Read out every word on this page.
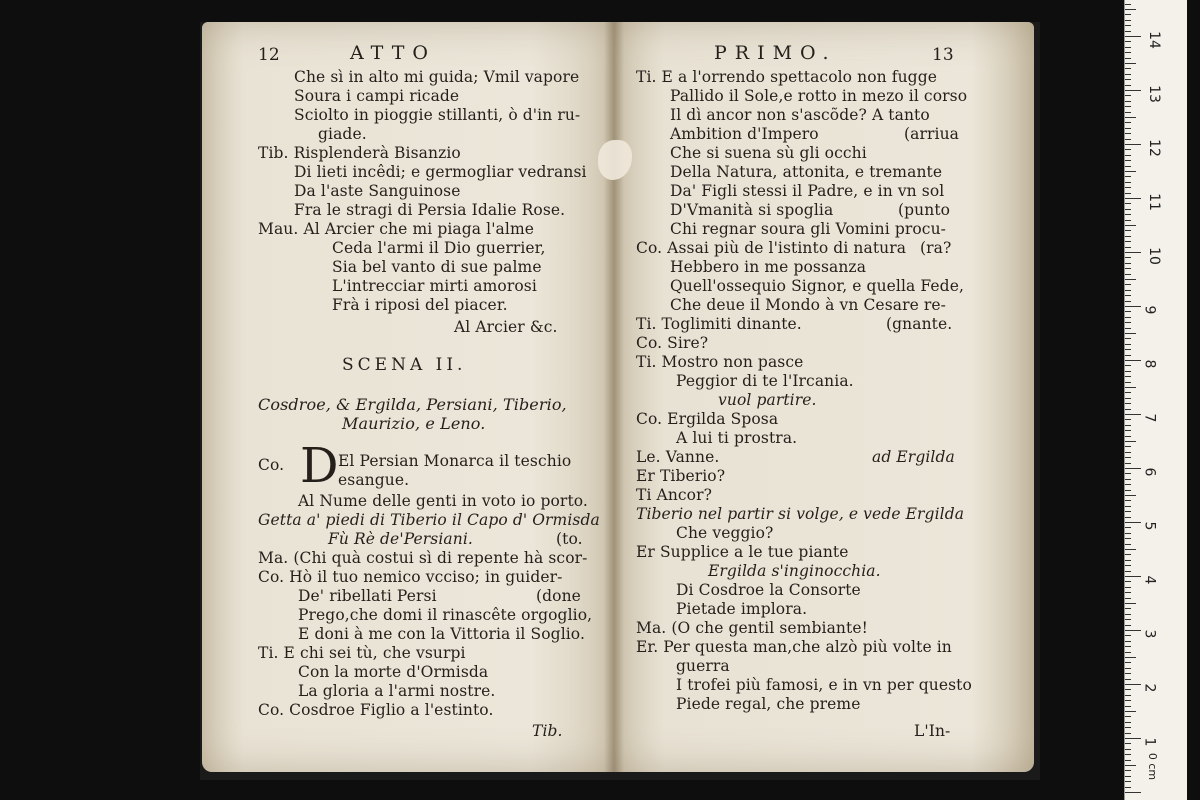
12	ATTO
Che sì in alto mi guida; Vmil vapore
Soura i campi ricade
Sciolto in pioggie stillanti, ò d'in ru-
giade.
Tib. Risplenderà Bisanzio
Di lieti incêdi; e germogliar vedransi
Da l'aste Sanguinose
Fra le stragi di Persia Idalie Rose.
Mau. Al Arcier che mi piaga l'alme
Ceda l'armi il Dio guerrier,
Sia bel vanto di sue palme
L'intrecciar mirti amorosi
Frà i riposi del piacer.
Al Arcier &c.
SCENA II.
Cosdroe, & Ergilda, Persiani, Tiberio,
Maurizio, e Leno.
Co. D El Persian Monarca il teschio
esangue.
Al Nume delle genti in voto io porto.
Getta a' piedi di Tiberio il Capo d' Ormisda
Fù Rè de'Persiani.	(to.
Ma. (Chi quà costui sì di repente hà scor-
Co. Hò il tuo nemico vcciso; in guider-
De' ribellati Persi	(done
Prego,che domi il rinascête orgoglio,
E doni à me con la Vittoria il Soglio.
Ti. E chi sei tù, che vsurpi
Con la morte d'Ormisda
La gloria a l'armi nostre.
Co. Cosdroe Figlio a l'estinto.
Tib.
PRIMO.	13
Ti. E a l'orrendo spettacolo non fugge
Pallido il Sole,e rotto in mezo il corso
Il dì ancor non s'ascõde? A tanto
Ambition d'Impero	(arriua
Che si suena sù gli occhi
Della Natura, attonita, e tremante
Da' Figli stessi il Padre, e in vn sol
D'Vmanità si spoglia	(punto
Chi regnar soura gli Vomini procu-
Co. Assai più de l'istinto di natura (ra?
Hebbero in me possanza
Quell'ossequio Signor, e quella Fede,
Che deue il Mondo à vn Cesare re-
Ti. Toglimiti dinante.	(gnante.
Co. Sire?
Ti. Mostro non pasce
Peggior di te l'Ircania.
vuol partire.
Co. Ergilda Sposa
A lui ti prostra.
Le. Vanne.	ad Ergilda
Er Tiberio?
Ti Ancor?
Tiberio nel partir si volge, e vede Ergilda
Che veggio?
Er Supplice a le tue piante
Ergilda s'inginocchia.
Di Cosdroe la Consorte
Pietade implora.
Ma. (O che gentil sembiante!
Er. Per questa man,che alzò più volte in
guerra
I trofei più famosi, e in vn per questo
Piede regal, che preme
L'In-
0 cm
1
2
3
4
5
6
7
8
9
10
11
12
13
14
